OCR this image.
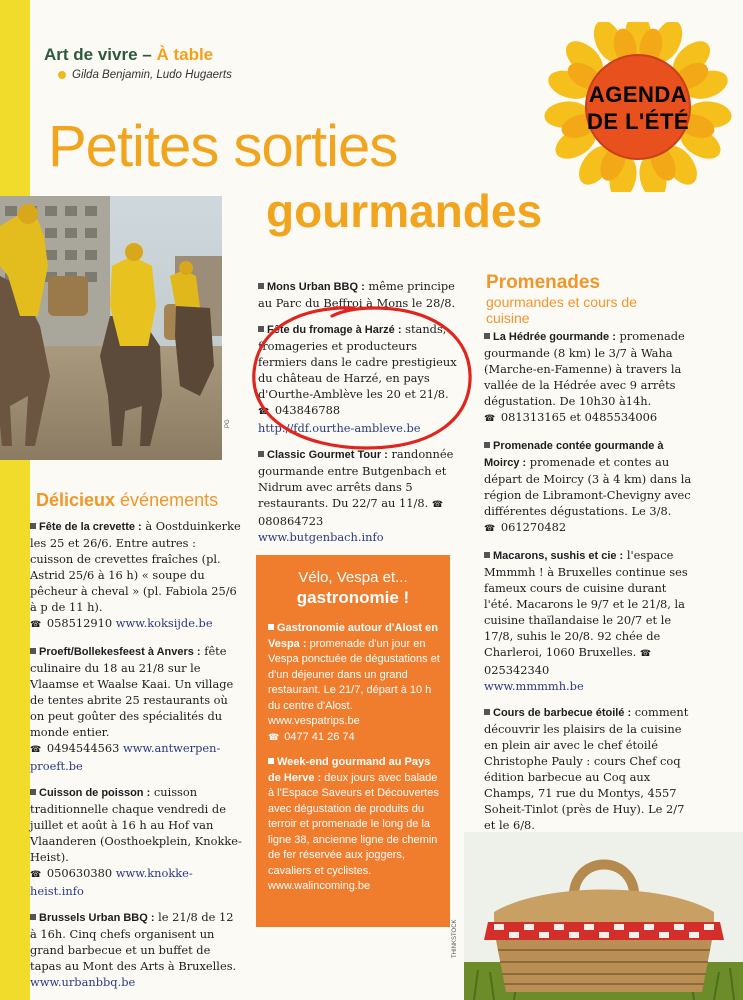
Art de vivre – À table
Gilda Benjamin, Ludo Hugaerts
Petites sorties
gourmandes
AGENDA
DE L'ÉTÉ
PG
Délicieux événements
Fête de la crevette : à Oostduinkerke les 25 et 26/6. Entre autres : cuisson de crevettes fraîches (pl. Astrid 25/6 à 16 h) « soupe du pêcheur à cheval » (pl. Fabiola 25/6 à p de 11 h).
☎ 058512910 www.koksijde.be
Proeft/Bollekesfeest à Anvers : fête culinaire du 18 au 21/8 sur le Vlaamse et Waalse Kaai. Un village de tentes abrite 25 restaurants où on peut goûter des spécialités du monde entier.
☎ 0494544563 www.antwerpen-proeft.be
Cuisson de poisson : cuisson traditionnelle chaque vendredi de juillet et août à 16 h au Hof van Vlaanderen (Oosthoekplein, Knokke-Heist).
☎ 050630380 www.knokke-heist.info
Brussels Urban BBQ : le 21/8 de 12 à 16h. Cinq chefs organisent un grand barbecue et un buffet de tapas au Mont des Arts à Bruxelles.
www.urbanbbq.be
Mons Urban BBQ : même principe au Parc du Beffroi à Mons le 28/8.
Fête du fromage à Harzé : stands, fromageries et producteurs fermiers dans le cadre prestigieux du château de Harzé, en pays d'Ourthe-Amblève les 20 et 21/8. ☎ 043846788
http://fdf.ourthe-ambleve.be
Classic Gourmet Tour : randonnée gourmande entre Butgenbach et Nidrum avec arrêts dans 5 restaurants. Du 22/7 au 11/8. ☎ 080864723
www.butgenbach.info
Vélo, Vespa et...
gastronomie !
Gastronomie autour d'Alost en Vespa : promenade d'un jour en Vespa ponctuée de dégustations et d'un déjeuner dans un grand restaurant. Le 21/7, départ à 10 h du centre d'Alost.
www.vespatrips.be
☎ 0477 41 26 74
Week-end gourmand au Pays de Herve : deux jours avec balade à l'Espace Saveurs et Découvertes avec dégustation de produits du terroir et promenade le long de la ligne 38, ancienne ligne de chemin de fer réservée aux joggers, cavaliers et cyclistes.
www.walincoming.be
Promenades
gourmandes et cours de cuisine
La Hédrée gourmande : promenade gourmande (8 km) le 3/7 à Waha (Marche-en-Famenne) à travers la vallée de la Hédrée avec 9 arrêts dégustation. De 10h30 à14h.
☎ 081313165 et 0485534006
Promenade contée gourmande à Moircy : promenade et contes au départ de Moircy (3 à 4 km) dans la région de Libramont-Chevigny avec différentes dégustations. Le 3/8.
☎ 061270482
Macarons, sushis et cie : l'espace Mmmmh ! à Bruxelles continue ses fameux cours de cuisine durant l'été. Macarons le 9/7 et le 21/8, la cuisine thaïlandaise le 20/7 et le 17/8, suhis le 20/8. 92 chée de Charleroi, 1060 Bruxelles. ☎ 025342340
www.mmmmh.be
Cours de barbecue étoilé : comment découvrir les plaisirs de la cuisine en plein air avec le chef étoilé Christophe Pauly : cours Chef coq édition barbecue au Coq aux Champs, 71 rue du Montys, 4557 Soheit-Tinlot (près de Huy). Le 2/7 et le 6/8.

THINKSTOCK
